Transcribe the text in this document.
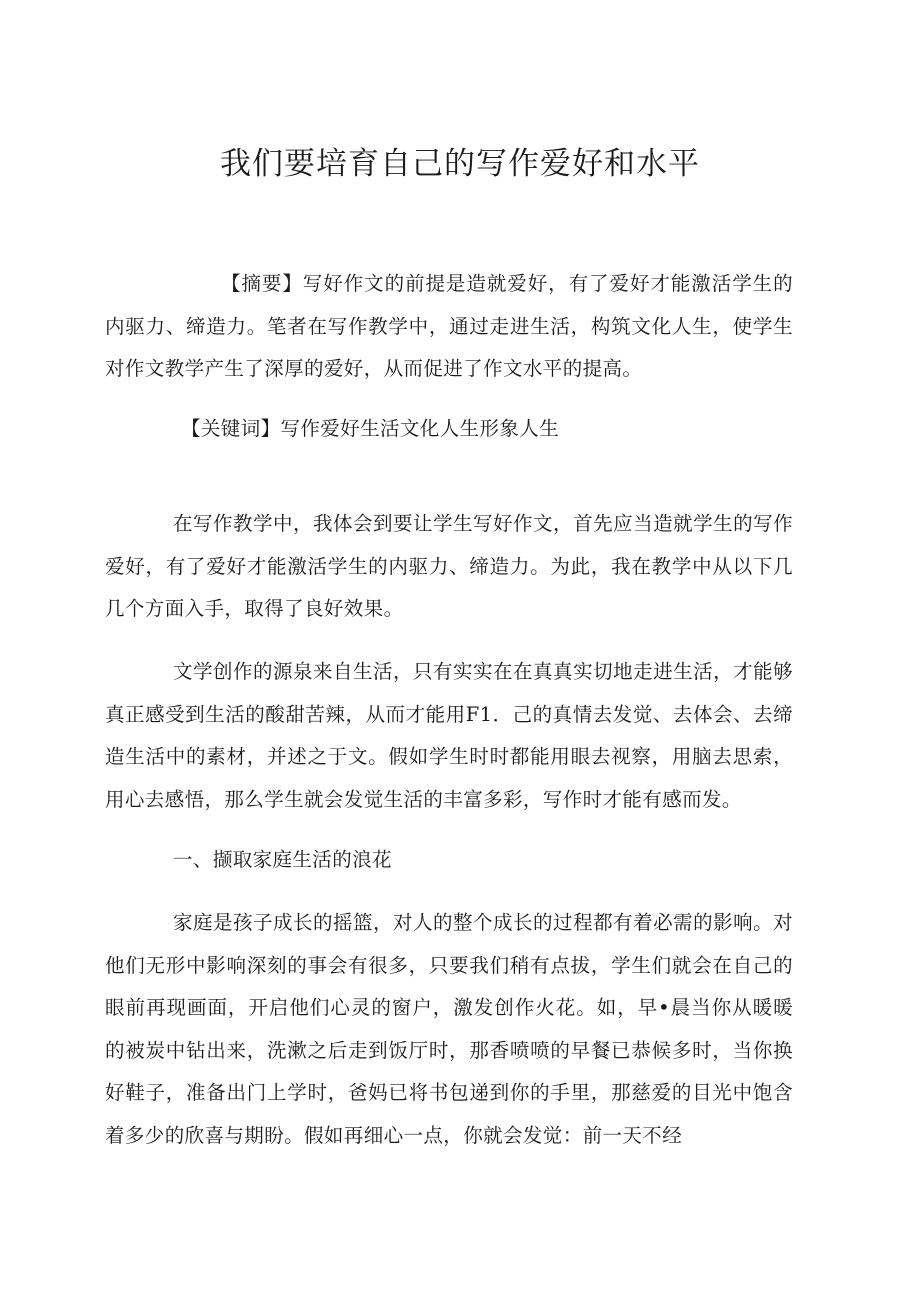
我们要培育自己的写作爱好和水平

【摘要】写好作文的前提是造就爱好，有了爱好才能激活学生的内驱力、缔造力。笔者在写作教学中，通过走进生活，构筑文化人生，使学生对作文教学产生了深厚的爱好，从而促进了作文水平的提高。

【关键词】写作爱好生活文化人生形象人生

在写作教学中，我体会到要让学生写好作文，首先应当造就学生的写作爱好，有了爱好才能激活学生的内驱力、缔造力。为此，我在教学中从以下几几个方面入手，取得了良好效果。

文学创作的源泉来自生活，只有实实在在真真实切地走进生活，才能够真正感受到生活的酸甜苦辣，从而才能用F1．己的真情去发觉、去体会、去缔造生活中的素材，并述之于文。假如学生时时都能用眼去视察，用脑去思索，用心去感悟，那么学生就会发觉生活的丰富多彩，写作时才能有感而发。

一、撷取家庭生活的浪花

家庭是孩子成长的摇篮，对人的整个成长的过程都有着必需的影响。对他们无形中影响深刻的事会有很多，只要我们稍有点拔，学生们就会在自己的眼前再现画面，开启他们心灵的窗户，激发创作火花。如，早•晨当你从暖暖的被炭中钻出来，洗漱之后走到饭厅时，那香喷喷的早餐已恭候多时，当你换好鞋子，准备出门上学时，爸妈已将书包递到你的手里，那慈爱的目光中饱含着多少的欣喜与期盼。假如再细心一点，你就会发觉：前一天不经
